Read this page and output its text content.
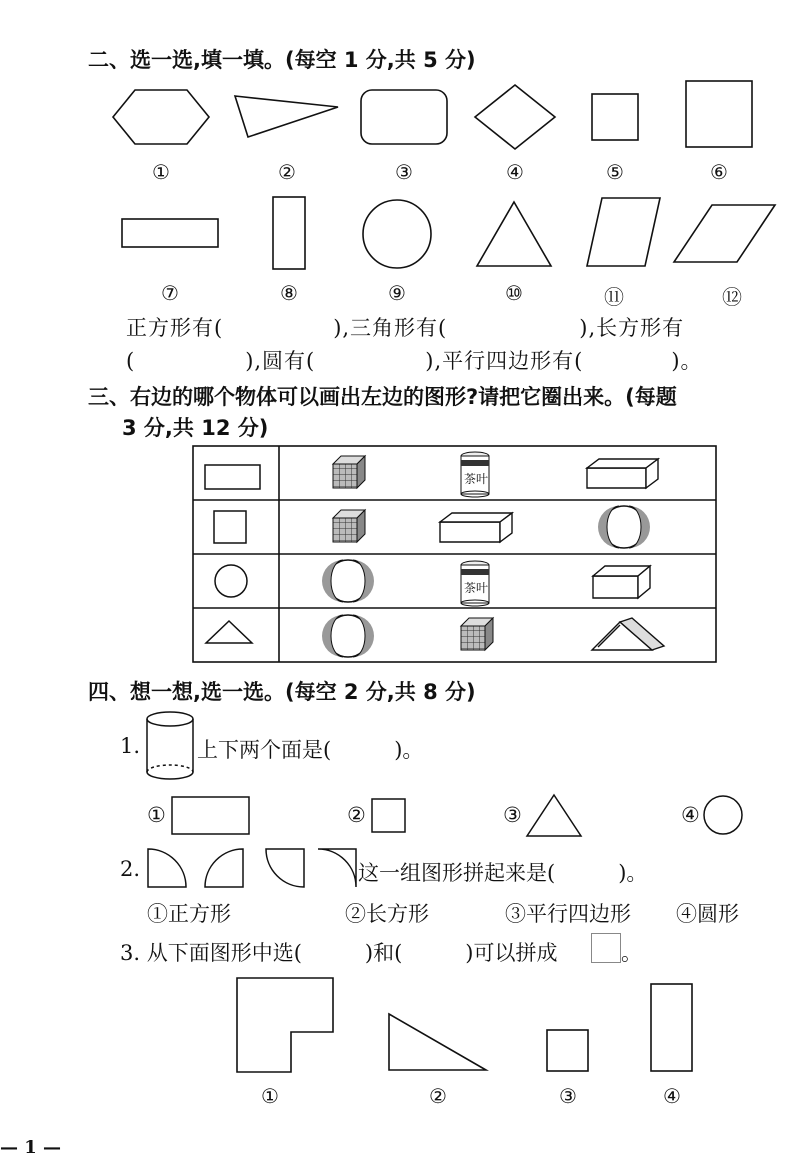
二、选一选,填一填。(每空 1 分,共 5 分)
①	②	③	④	⑤	⑥
⑦	⑧	⑨	⑩	⑪	⑫
正方形有(　　　　　),三角形有(　　　　　　),长方形有
(　　　　　),圆有(　　　　　),平行四边形有(　　　　)。
三、右边的哪个物体可以画出左边的图形?请把它圈出来。(每题
3 分,共 12 分)
茶叶
茶叶
四、想一想,选一选。(每空 2 分,共 8 分)
1.	上下两个面是(　　　)。
①	②	③	④
2.	这一组图形拼起来是(　　　)。
①正方形	②长方形	③平行四边形 ④圆形
3. 从下面图形中选(　　　)和(　　　)可以拼成	。
①	②	③	④
— 1 —
